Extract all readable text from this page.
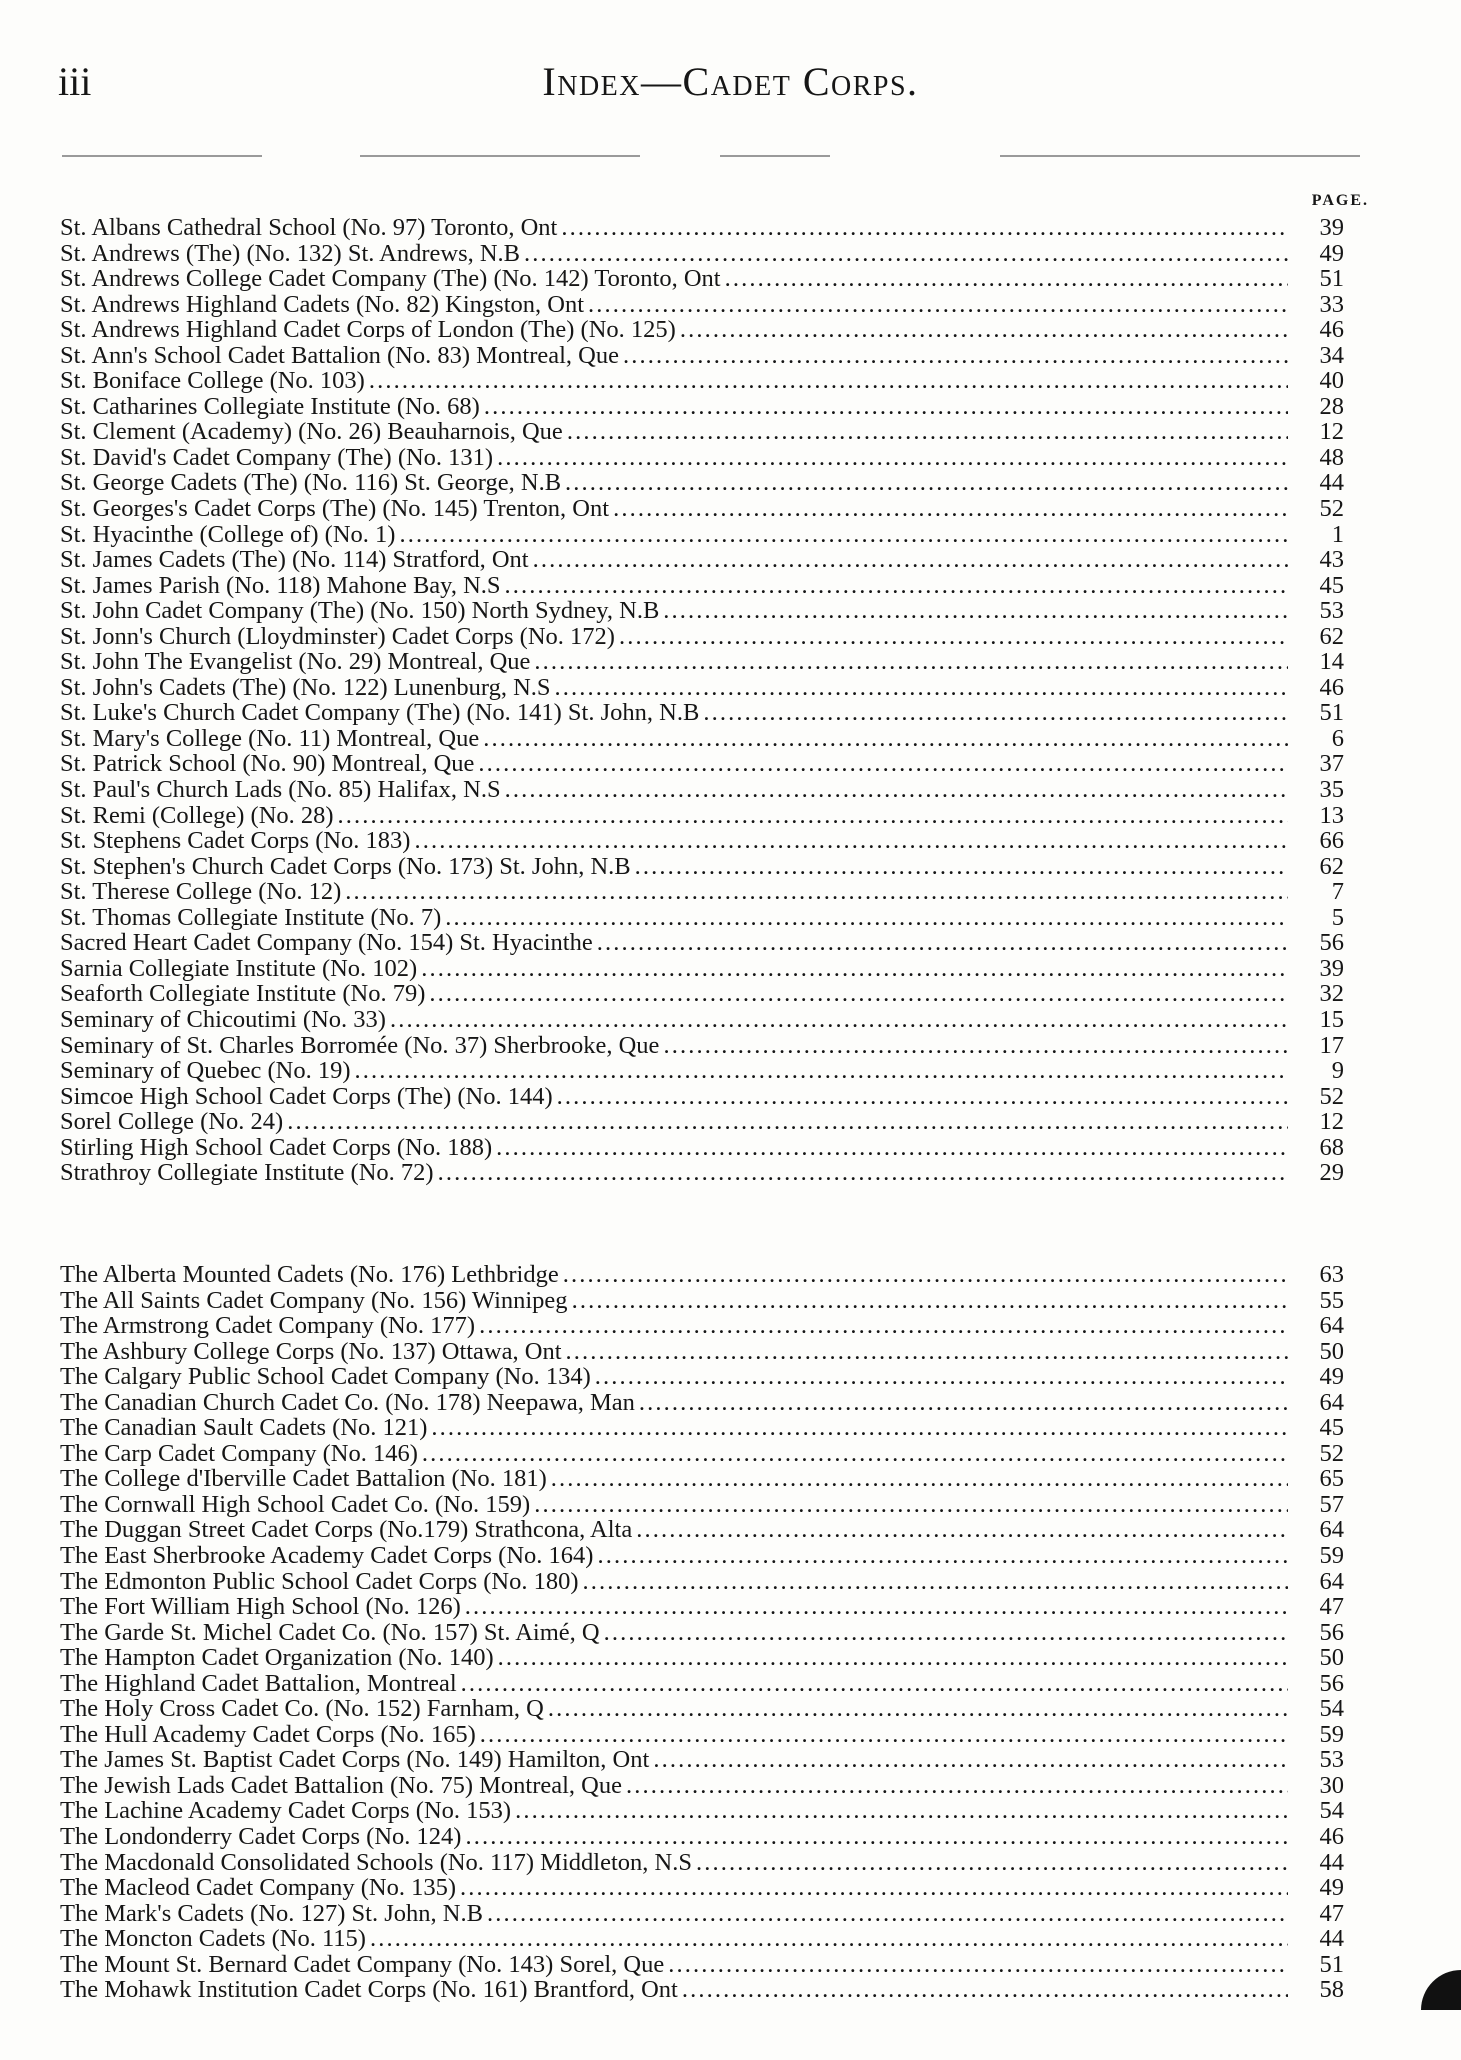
iii	Index—Cadet Corps.
PAGE.
St. Albans Cathedral School (No. 97) Toronto, Ont . . .	39
St. Andrews (The) (No. 132) St. Andrews, N.B . . .	49
St. Andrews College Cadet Company (The) (No. 142) Toronto, Ont . . .	51
St. Andrews Highland Cadets (No. 82) Kingston, Ont . . .	33
St. Andrews Highland Cadet Corps of London (The) (No. 125) . . .	46
St. Ann's School Cadet Battalion (No. 83) Montreal, Que . . .	34
St. Boniface College (No. 103) . . .	40
St. Catharines Collegiate Institute (No. 68) . . .	28
St. Clement (Academy) (No. 26) Beauharnois, Que . . .	12
St. David's Cadet Company (The) (No. 131) . . .	48
St. George Cadets (The) (No. 116) St. George, N.B . . .	44
St. Georges's Cadet Corps (The) (No. 145) Trenton, Ont . . .	52
St. Hyacinthe (College of) (No. 1) . . .	1
St. James Cadets (The) (No. 114) Stratford, Ont . . .	43
St. James Parish (No. 118) Mahone Bay, N.S . . .	45
St. John Cadet Company (The) (No. 150) North Sydney, N.B . . .	53
St. Jonn's Church (Lloydminster) Cadet Corps (No. 172) . . .	62
St. John The Evangelist (No. 29) Montreal, Que . . .	14
St. John's Cadets (The) (No. 122) Lunenburg, N.S . . .	46
St. Luke's Church Cadet Company (The) (No. 141) St. John, N.B . . .	51
St. Mary's College (No. 11) Montreal, Que . . .	6
St. Patrick School (No. 90) Montreal, Que . . .	37
St. Paul's Church Lads (No. 85) Halifax, N.S . . .	35
St. Remi (College) (No. 28) . . .	13
St. Stephens Cadet Corps (No. 183) . . .	66
St. Stephen's Church Cadet Corps (No. 173) St. John, N.B . . .	62
St. Therese College (No. 12) . . .	7
St. Thomas Collegiate Institute (No. 7) . . .	5
Sacred Heart Cadet Company (No. 154) St. Hyacinthe . . .	56
Sarnia Collegiate Institute (No. 102) . . .	39
Seaforth Collegiate Institute (No. 79) . . .	32
Seminary of Chicoutimi (No. 33) . . .	15
Seminary of St. Charles Borromée (No. 37) Sherbrooke, Que . . .	17
Seminary of Quebec (No. 19) . . .	9
Simcoe High School Cadet Corps (The) (No. 144) . . .	52
Sorel College (No. 24) . . .	12
Stirling High School Cadet Corps (No. 188) . . .	68
Strathroy Collegiate Institute (No. 72) . . .	29
The Alberta Mounted Cadets (No. 176) Lethbridge . . .	63
The All Saints Cadet Company (No. 156) Winnipeg . . .	55
The Armstrong Cadet Company (No. 177) . . .	64
The Ashbury College Corps (No. 137) Ottawa, Ont . . .	50
The Calgary Public School Cadet Company (No. 134) . . .	49
The Canadian Church Cadet Co. (No. 178) Neepawa, Man . . .	64
The Canadian Sault Cadets (No. 121) . . .	45
The Carp Cadet Company (No. 146) . . .	52
The College d'Iberville Cadet Battalion (No. 181) . . .	65
The Cornwall High School Cadet Co. (No. 159) . . .	57
The Duggan Street Cadet Corps (No.179) Strathcona, Alta . . .	64
The East Sherbrooke Academy Cadet Corps (No. 164) . . .	59
The Edmonton Public School Cadet Corps (No. 180) . . .	64
The Fort William High School (No. 126) . . .	47
The Garde St. Michel Cadet Co. (No. 157) St. Aimé, Q . . .	56
The Hampton Cadet Organization (No. 140) . . .	50
The Highland Cadet Battalion, Montreal . . .	56
The Holy Cross Cadet Co. (No. 152) Farnham, Q . . .	54
The Hull Academy Cadet Corps (No. 165) . . .	59
The James St. Baptist Cadet Corps (No. 149) Hamilton, Ont . . .	53
The Jewish Lads Cadet Battalion (No. 75) Montreal, Que . . .	30
The Lachine Academy Cadet Corps (No. 153) . . .	54
The Londonderry Cadet Corps (No. 124) . . .	46
The Macdonald Consolidated Schools (No. 117) Middleton, N.S . . .	44
The Macleod Cadet Company (No. 135) . . .	49
The Mark's Cadets (No. 127) St. John, N.B . . .	47
The Moncton Cadets (No. 115) . . .	44
The Mount St. Bernard Cadet Company (No. 143) Sorel, Que . . .	51
The Mohawk Institution Cadet Corps (No. 161) Brantford, Ont . . .	58
